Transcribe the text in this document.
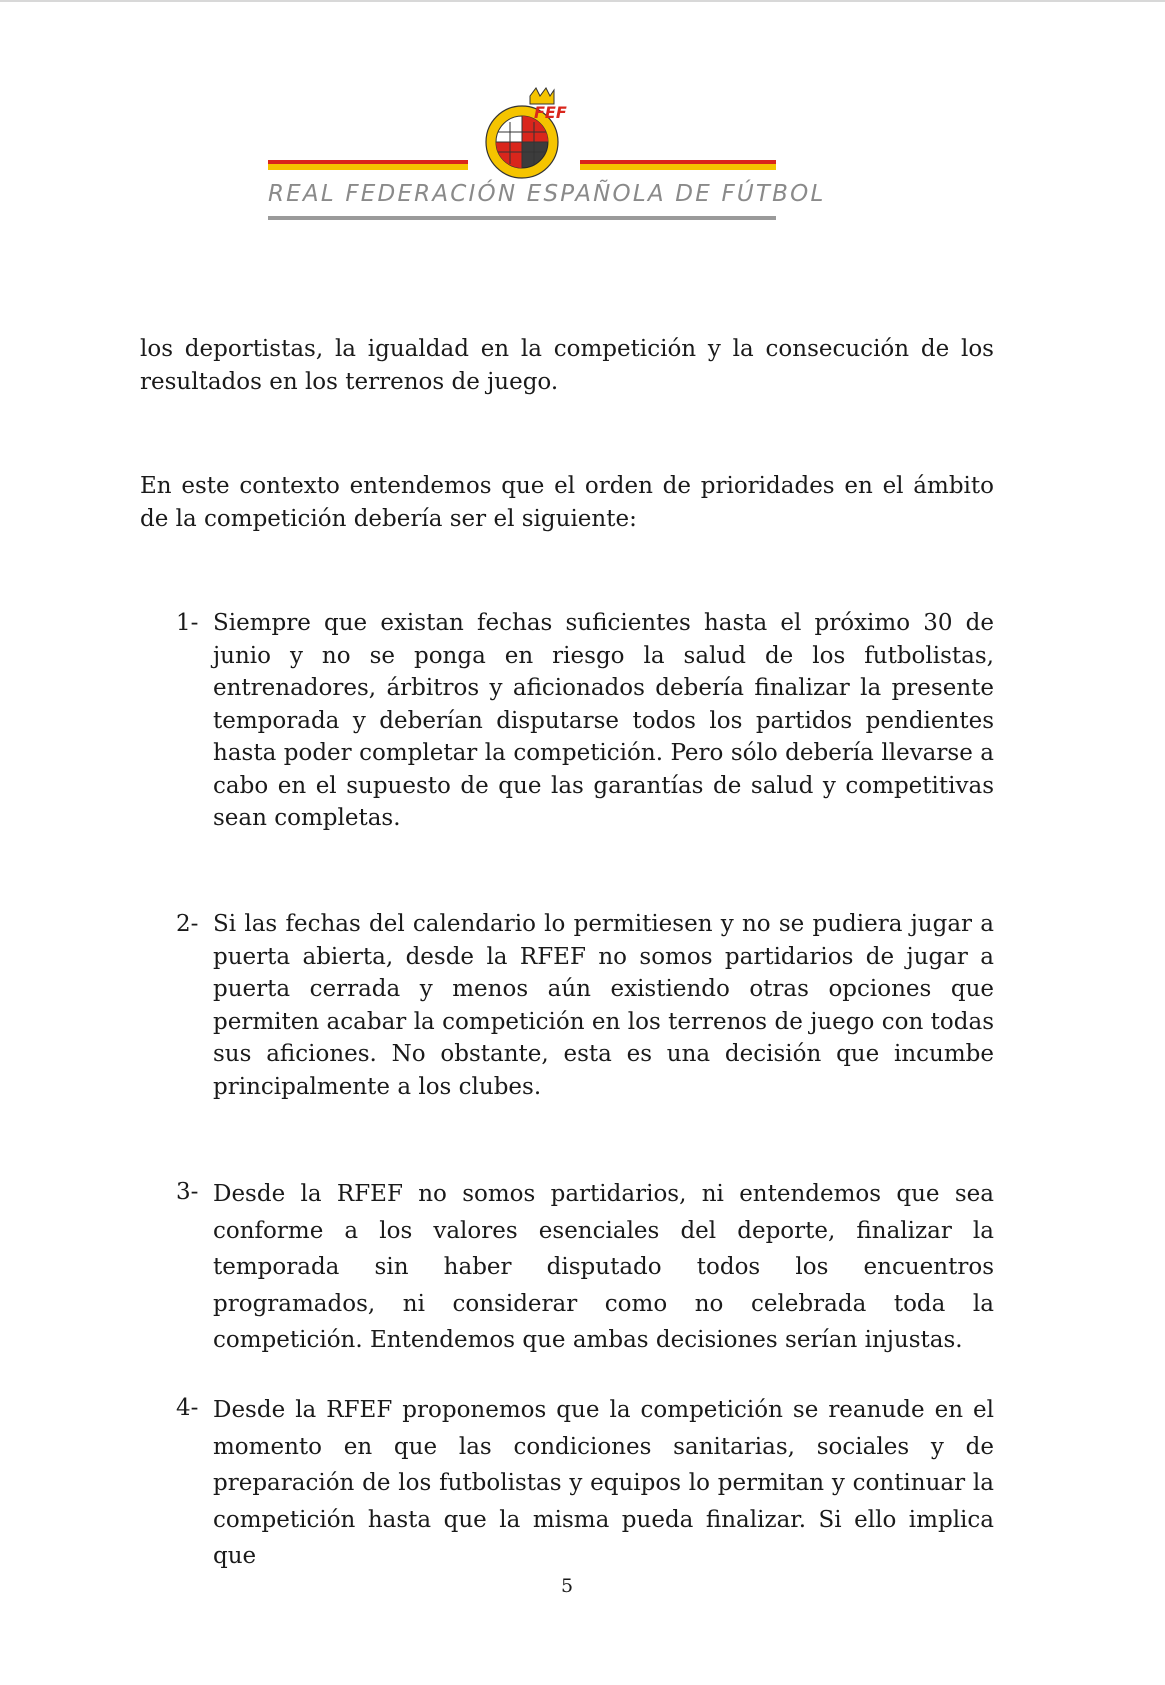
FEF
REAL FEDERACIÓN ESPAÑOLA DE FÚTBOL
los deportistas, la igualdad en la competición y la consecución de los resultados en los terrenos de juego.
En este contexto entendemos que el orden de prioridades en el ámbito de la competición debería ser el siguiente:
1- Siempre que existan fechas suficientes hasta el próximo 30 de junio y no se ponga en riesgo la salud de los futbolistas, entrenadores, árbitros y aficionados debería finalizar la presente temporada y deberían disputarse todos los partidos pendientes hasta poder completar la competición. Pero sólo debería llevarse a cabo en el supuesto de que las garantías de salud y competitivas sean completas.
2- Si las fechas del calendario lo permitiesen y no se pudiera jugar a puerta abierta, desde la RFEF no somos partidarios de jugar a puerta cerrada y menos aún existiendo otras opciones que permiten acabar la competición en los terrenos de juego con todas sus aficiones. No obstante, esta es una decisión que incumbe principalmente a los clubes.
3- Desde la RFEF no somos partidarios, ni entendemos que sea conforme a los valores esenciales del deporte, finalizar la temporada sin haber disputado todos los encuentros programados, ni considerar como no celebrada toda la competición. Entendemos que ambas decisiones serían injustas.
4- Desde la RFEF proponemos que la competición se reanude en el momento en que las condiciones sanitarias, sociales y de preparación de los futbolistas y equipos lo permitan y continuar la competición hasta que la misma pueda finalizar. Si ello implica que
5
